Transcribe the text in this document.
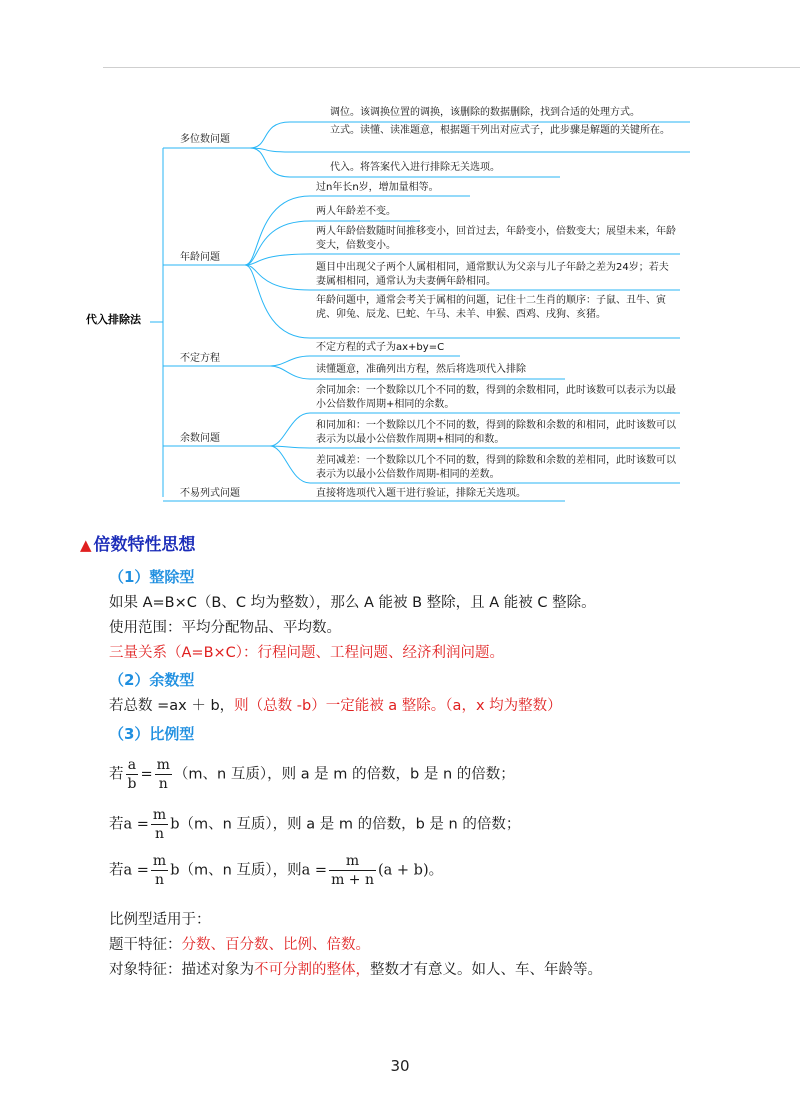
代入排除法
多位数问题
年龄问题
不定方程
余数问题
不易列式问题
调位。该调换位置的调换，该删除的数据删除，找到合适的处理方式。
立式。读懂、读准题意，根据题干列出对应式子，此步骤是解题的关键所在。
代入。将答案代入进行排除无关选项。
过n年长n岁，增加量相等。
两人年龄差不变。
两人年龄倍数随时间推移变小，回首过去，年龄变小，倍数变大；展望未来，年龄变大，倍数变小。
题目中出现父子两个人属相相同，通常默认为父亲与儿子年龄之差为24岁；若夫妻属相相同，通常认为夫妻俩年龄相同。
年龄问题中，通常会考关于属相的问题，记住十二生肖的顺序：子鼠、丑牛、寅虎、卯兔、辰龙、巳蛇、午马、未羊、申猴、酉鸡、戌狗、亥猪。
不定方程的式子为ax+by=C
读懂题意，准确列出方程，然后将选项代入排除
余同加余：一个数除以几个不同的数，得到的余数相同，此时该数可以表示为以最小公倍数作周期+相同的余数。
和同加和：一个数除以几个不同的数，得到的除数和余数的和相同，此时该数可以表示为以最小公倍数作周期+相同的和数。
差同减差：一个数除以几个不同的数，得到的除数和余数的差相同，此时该数可以表示为以最小公倍数作周期-相同的差数。
直接将选项代入题干进行验证，排除无关选项。
▲ 倍数特性思想
（1）整除型
如果 A=B×C（B、C 均为整数），那么 A 能被 B 整除，且 A 能被 C 整除。
使用范围：平均分配物品、平均数。
三量关系（A=B×C）：行程问题、工程问题、经济利润问题。
（2）余数型
若总数 =ax ＋ b，则（总数 -b）一定能被 a 整除。（a，x 均为整数）
（3）比例型
若 $\frac{a}{b} = \frac{m}{n} (m$、n 互质），则 a 是 m 的倍数，b 是 n 的倍数；
若$a = \frac{m}{n} b(m$、n 互质），则 a 是 m 的倍数，b 是 n 的倍数；
若$a = \frac{m}{n} b(m$、n 互质），则$a = \frac{m}{m + n} (a + b)$。
比例型适用于：
题干特征：分数、百分数、比例、倍数。
对象特征：描述对象为不可分割的整体，整数才有意义。如人、车、年龄等。
30
